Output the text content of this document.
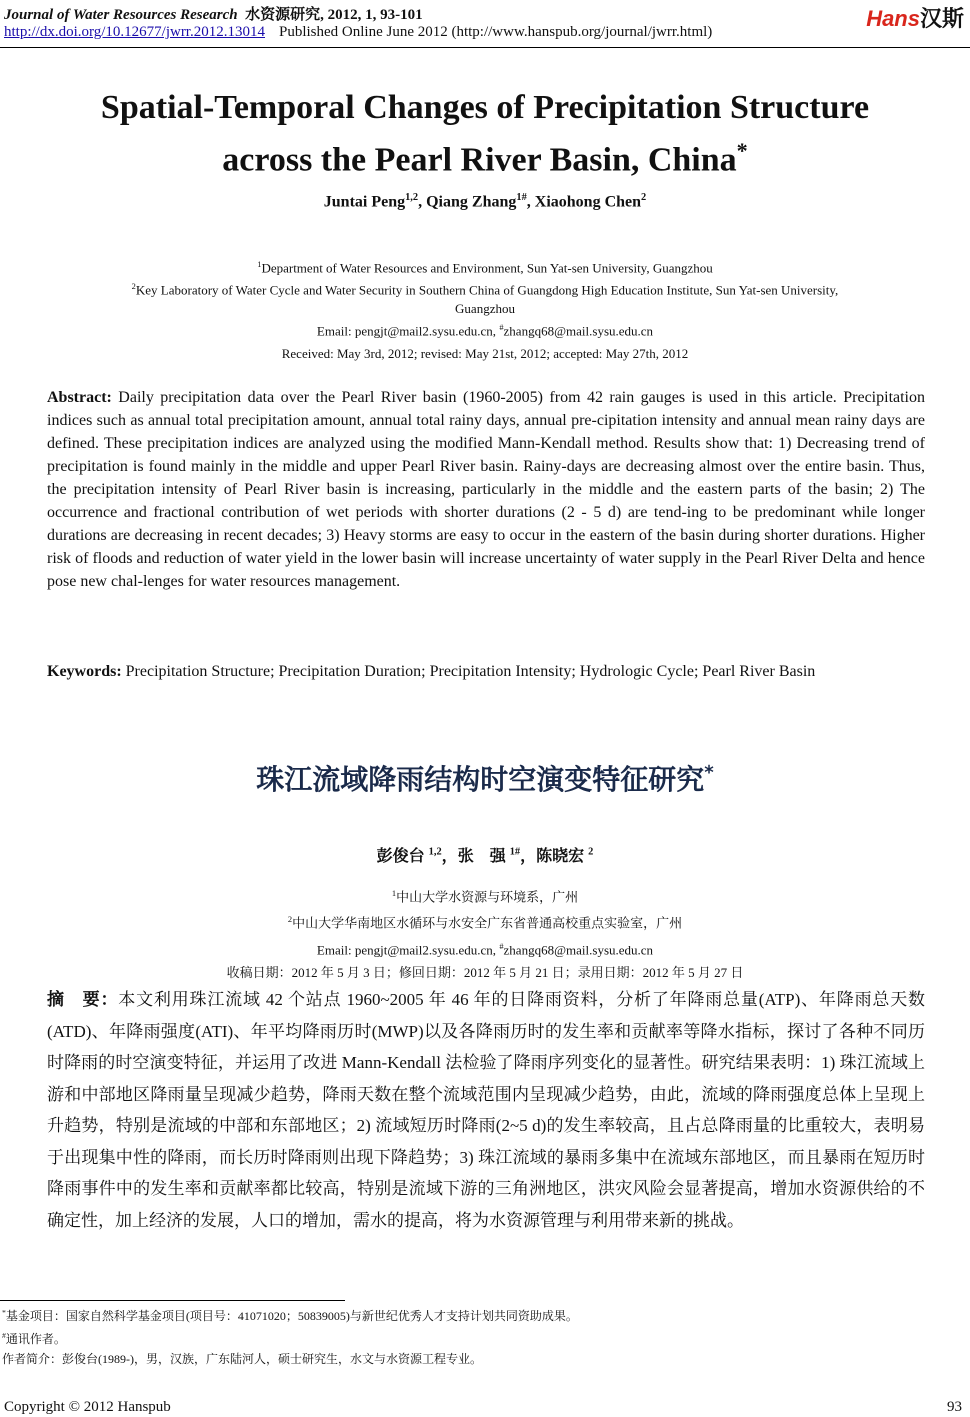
Journal of Water Resources Research 水资源研究, 2012, 1, 93-101
http://dx.doi.org/10.12677/jwrr.2012.13014 Published Online June 2012 (http://www.hanspub.org/journal/jwrr.html)
Hans汉斯
Spatial-Temporal Changes of Precipitation Structure
across the Pearl River Basin, China*
Juntai Peng$^{1,2}$, Qiang Zhang$^{1\#}$, Xiaohong Chen$^2$
$^1$Department of Water Resources and Environment, Sun Yat-sen University, Guangzhou
$^2$Key Laboratory of Water Cycle and Water Security in Southern China of Guangdong High Education Institute, Sun Yat-sen University,
Guangzhou
Email: pengjt@mail2.sysu.edu.cn, #zhangq68@mail.sysu.edu.cn
Received: May 3rd, 2012; revised: May 21st, 2012; accepted: May 27th, 2012
Abstract: Daily precipitation data over the Pearl River basin (1960-2005) from 42 rain gauges is used in this article. Precipitation indices such as annual total precipitation amount, annual total rainy days, annual pre-cipitation intensity and annual mean rainy days are defined. These precipitation indices are analyzed using the modified Mann-Kendall method. Results show that: 1) Decreasing trend of precipitation is found mainly in the middle and upper Pearl River basin. Rainy-days are decreasing almost over the entire basin. Thus, the precipitation intensity of Pearl River basin is increasing, particularly in the middle and the eastern parts of the basin; 2) The occurrence and fractional contribution of wet periods with shorter durations (2 - 5 d) are tend-ing to be predominant while longer durations are decreasing in recent decades; 3) Heavy storms are easy to occur in the eastern of the basin during shorter durations. Higher risk of floods and reduction of water yield in the lower basin will increase uncertainty of water supply in the Pearl River Delta and hence pose new chal-lenges for water resources management.
Keywords: Precipitation Structure; Precipitation Duration; Precipitation Intensity; Hydrologic Cycle; Pearl River Basin
珠江流域降雨结构时空演变特征研究*
彭俊台 $^{1,2}$，张　强 $^{1\#}$，陈晓宏 $^2$
$^1$中山大学水资源与环境系，广州
$^2$中山大学华南地区水循环与水安全广东省普通高校重点实验室，广州
Email: pengjt@mail2.sysu.edu.cn, #zhangq68@mail.sysu.edu.cn
收稿日期：2012 年 5 月 3 日；修回日期：2012 年 5 月 21 日；录用日期：2012 年 5 月 27 日
摘　要：本文利用珠江流域 42 个站点 1960~2005 年 46 年的日降雨资料，分析了年降雨总量(ATP)、年降雨总天数(ATD)、年降雨强度(ATI)、年平均降雨历时(MWP)以及各降雨历时的发生率和贡献率等降水指标，探讨了各种不同历时降雨的时空演变特征，并运用了改进 Mann-Kendall 法检验了降雨序列变化的显著性。研究结果表明：1) 珠江流域上游和中部地区降雨量呈现减少趋势，降雨天数在整个流域范围内呈现减少趋势，由此，流域的降雨强度总体上呈现上升趋势，特别是流域的中部和东部地区；2) 流域短历时降雨(2~5 d)的发生率较高，且占总降雨量的比重较大，表明易于出现集中性的降雨，而长历时降雨则出现下降趋势；3) 珠江流域的暴雨多集中在流域东部地区，而且暴雨在短历时降雨事件中的发生率和贡献率都比较高，特别是流域下游的三角洲地区，洪灾风险会显著提高，增加水资源供给的不确定性，加上经济的发展，人口的增加，需水的提高，将为水资源管理与利用带来新的挑战。
*基金项目：国家自然科学基金项目(项目号：41071020；50839005)与新世纪优秀人才支持计划共同资助成果。
#通讯作者。
作者简介：彭俊台(1989-)，男，汉族，广东陆河人，硕士研究生，水文与水资源工程专业。
Copyright © 2012 Hanspub	93
